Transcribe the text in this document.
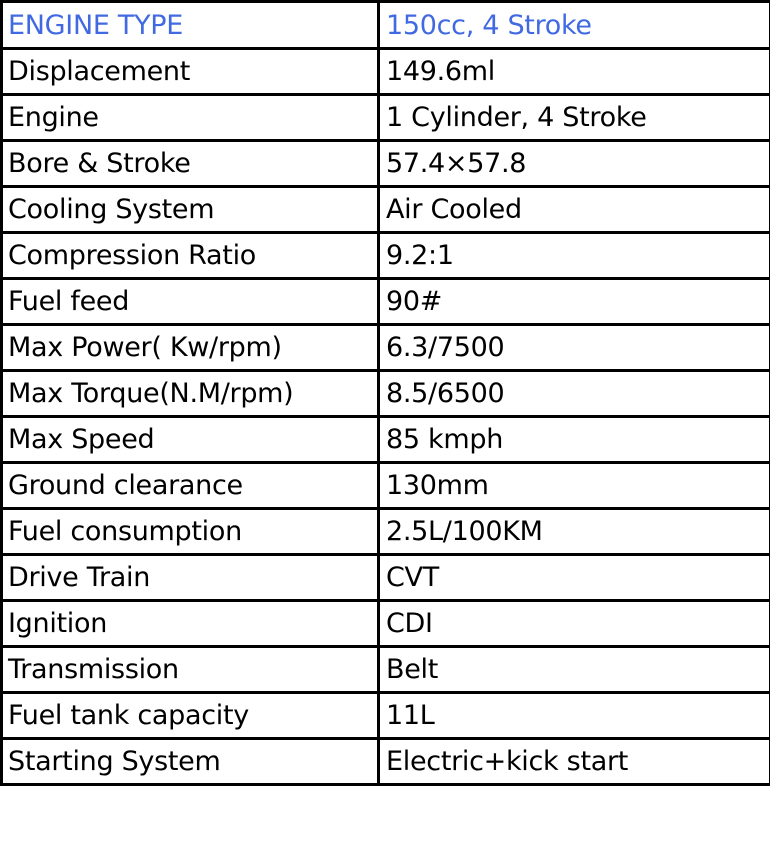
ENGINE TYPE	150cc, 4 Stroke
Displacement	149.6ml
Engine	1 Cylinder, 4 Stroke
Bore & Stroke	57.4×57.8
Cooling System	Air Cooled
Compression Ratio	9.2:1
Fuel feed	90#
Max Power( Kw/rpm)	6.3/7500
Max Torque(N.M/rpm)	8.5/6500
Max Speed	85 kmph
Ground clearance	130mm
Fuel consumption	2.5L/100KM
Drive Train	CVT
Ignition	CDI
Transmission	Belt
Fuel tank capacity	11L
Starting System	Electric+kick start
